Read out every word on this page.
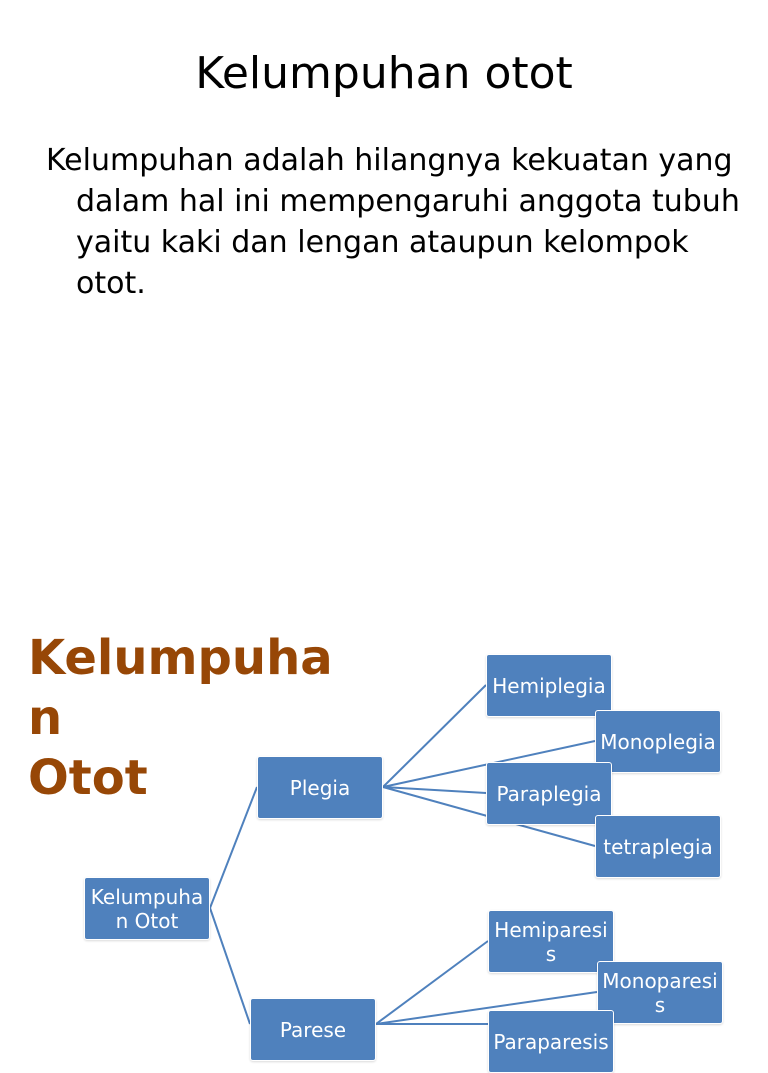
Kelumpuhan otot
Kelumpuhan adalah hilangnya kekuatan yang dalam hal ini mempengaruhi anggota tubuh yaitu kaki dan lengan ataupun kelompok otot.
Kelumpuha
n
Otot
Kelumpuhan Otot
Plegia
Parese
Hemiplegia
Monoplegia
Paraplegia
tetraplegia
Hemiparesis
Monoparesis
Paraparesis
